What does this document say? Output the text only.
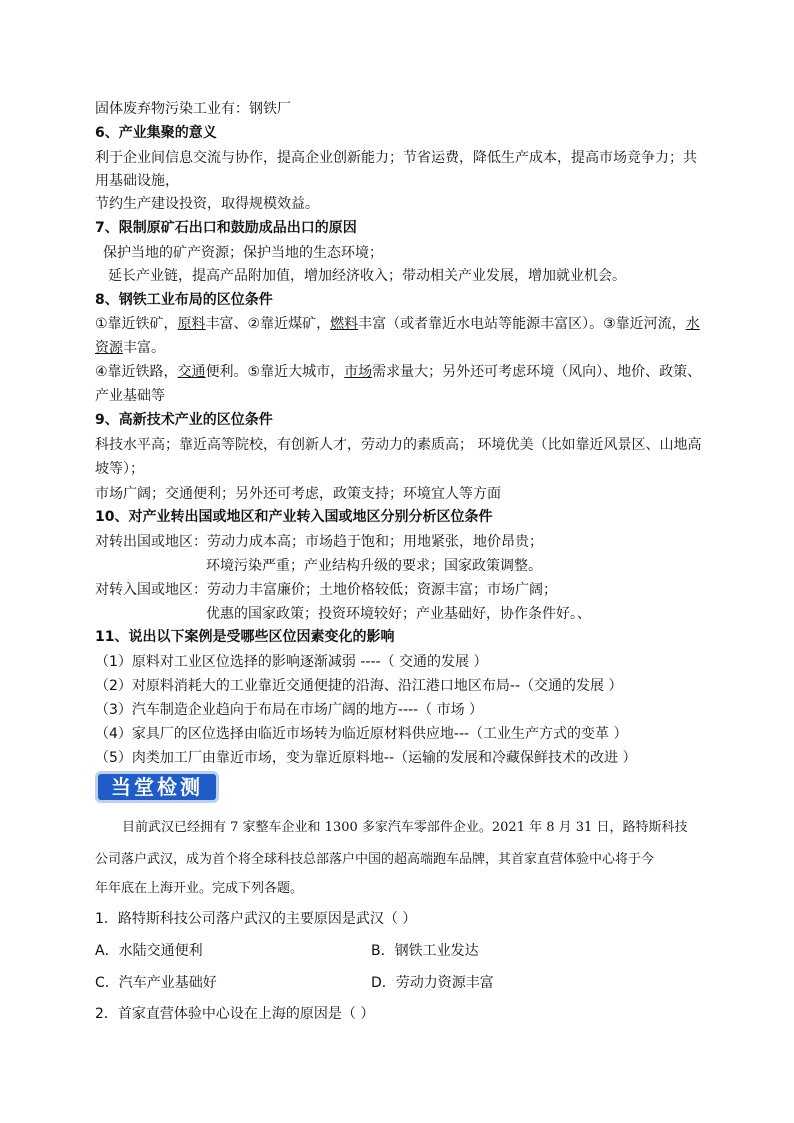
固体废弃物污染工业有：钢铁厂
6、产业集聚的意义
利于企业间信息交流与协作，提高企业创新能力；节省运费，降低生产成本，提高市场竞争力；共
用基础设施，
节约生产建设投资，取得规模效益。
7、限制原矿石出口和鼓励成品出口的原因
保护当地的矿产资源；保护当地的生态环境；
延长产业链，提高产品附加值，增加经济收入；带动相关产业发展，增加就业机会。
8、钢铁工业布局的区位条件
①靠近铁矿，原料丰富、②靠近煤矿，燃料丰富（或者靠近水电站等能源丰富区）。③靠近河流，水
资源丰富。
④靠近铁路，交通便利。⑤靠近大城市，市场需求量大；另外还可考虑环境（风向）、地价、政策、
产业基础等
9、高新技术产业的区位条件
科技水平高；靠近高等院校，有创新人才，劳动力的素质高； 环境优美（比如靠近风景区、山地高
坡等）；
市场广阔；交通便利；另外还可考虑，政策支持；环境宜人等方面
10、对产业转出国或地区和产业转入国或地区分别分析区位条件
对转出国或地区：劳动力成本高；市场趋于饱和；用地紧张，地价昂贵；
环境污染严重；产业结构升级的要求；国家政策调整。
对转入国或地区：劳动力丰富廉价；土地价格较低；资源丰富；市场广阔；
优惠的国家政策；投资环境较好；产业基础好，协作条件好。、
11、说出以下案例是受哪些区位因素变化的影响
（1）原料对工业区位选择的影响逐渐减弱 ----（ 交通的发展 ）
（2）对原料消耗大的工业靠近交通便捷的沿海、沿江港口地区布局--（交通的发展 ）
（3）汽车制造企业趋向于布局在市场广阔的地方----（ 市场 ）
（4）家具厂的区位选择由临近市场转为临近原材料供应地---（工业生产方式的变革 ）
（5）肉类加工厂由靠近市场，变为靠近原料地--（运输的发展和冷藏保鲜技术的改进 ）
当堂检测
目前武汉已经拥有 7 家整车企业和 1300 多家汽车零部件企业。2021 年 8 月 31 日，路特斯科技
公司落户武汉，成为首个将全球科技总部落户中国的超高端跑车品牌，其首家直营体验中心将于今
年年底在上海开业。完成下列各题。
1．路特斯科技公司落户武汉的主要原因是武汉（ ）
A．水陆交通便利	B．钢铁工业发达
C．汽车产业基础好	D．劳动力资源丰富
2．首家直营体验中心设在上海的原因是（ ）
